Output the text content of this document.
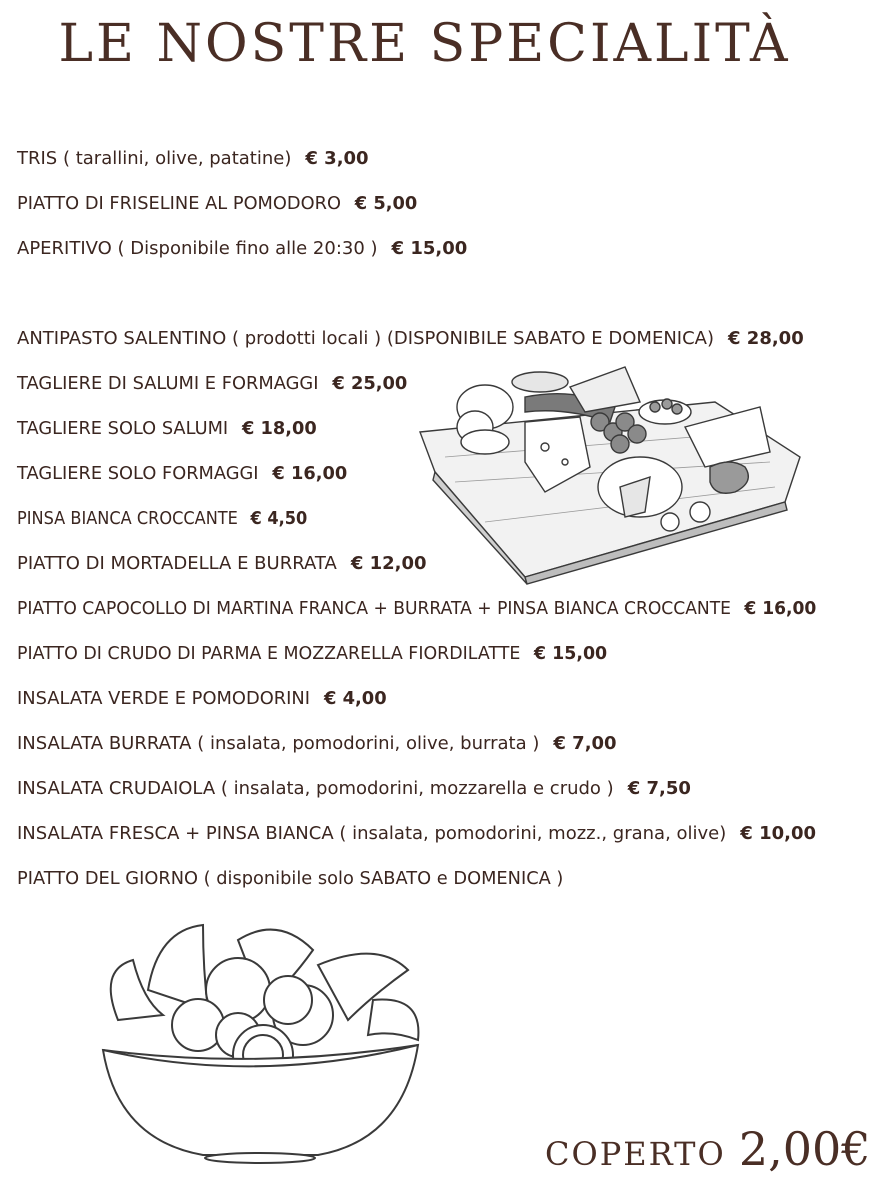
LE NOSTRE SPECIALITÀ
TRIS ( tarallini, olive, patatine) € 3,00
PIATTO DI FRISELINE AL POMODORO € 5,00
APERITIVO ( Disponibile fino alle 20:30 ) € 15,00
ANTIPASTO SALENTINO ( prodotti locali ) (DISPONIBILE SABATO E DOMENICA) € 28,00
TAGLIERE DI SALUMI E FORMAGGI € 25,00
TAGLIERE SOLO SALUMI € 18,00
TAGLIERE SOLO FORMAGGI € 16,00
PINSA BIANCA CROCCANTE € 4,50
PIATTO DI MORTADELLA E BURRATA € 12,00
PIATTO CAPOCOLLO DI MARTINA FRANCA + BURRATA + PINSA BIANCA CROCCANTE € 16,00
PIATTO DI CRUDO DI PARMA E MOZZARELLA FIORDILATTE € 15,00
INSALATA VERDE E POMODORINI € 4,00
INSALATA BURRATA ( insalata, pomodorini, olive, burrata ) € 7,00
INSALATA CRUDAIOLA ( insalata, pomodorini, mozzarella e crudo ) € 7,50
INSALATA FRESCA + PINSA BIANCA ( insalata, pomodorini, mozz., grana, olive) € 10,00
PIATTO DEL GIORNO ( disponibile solo SABATO e DOMENICA )
COPERTO 2,00€
